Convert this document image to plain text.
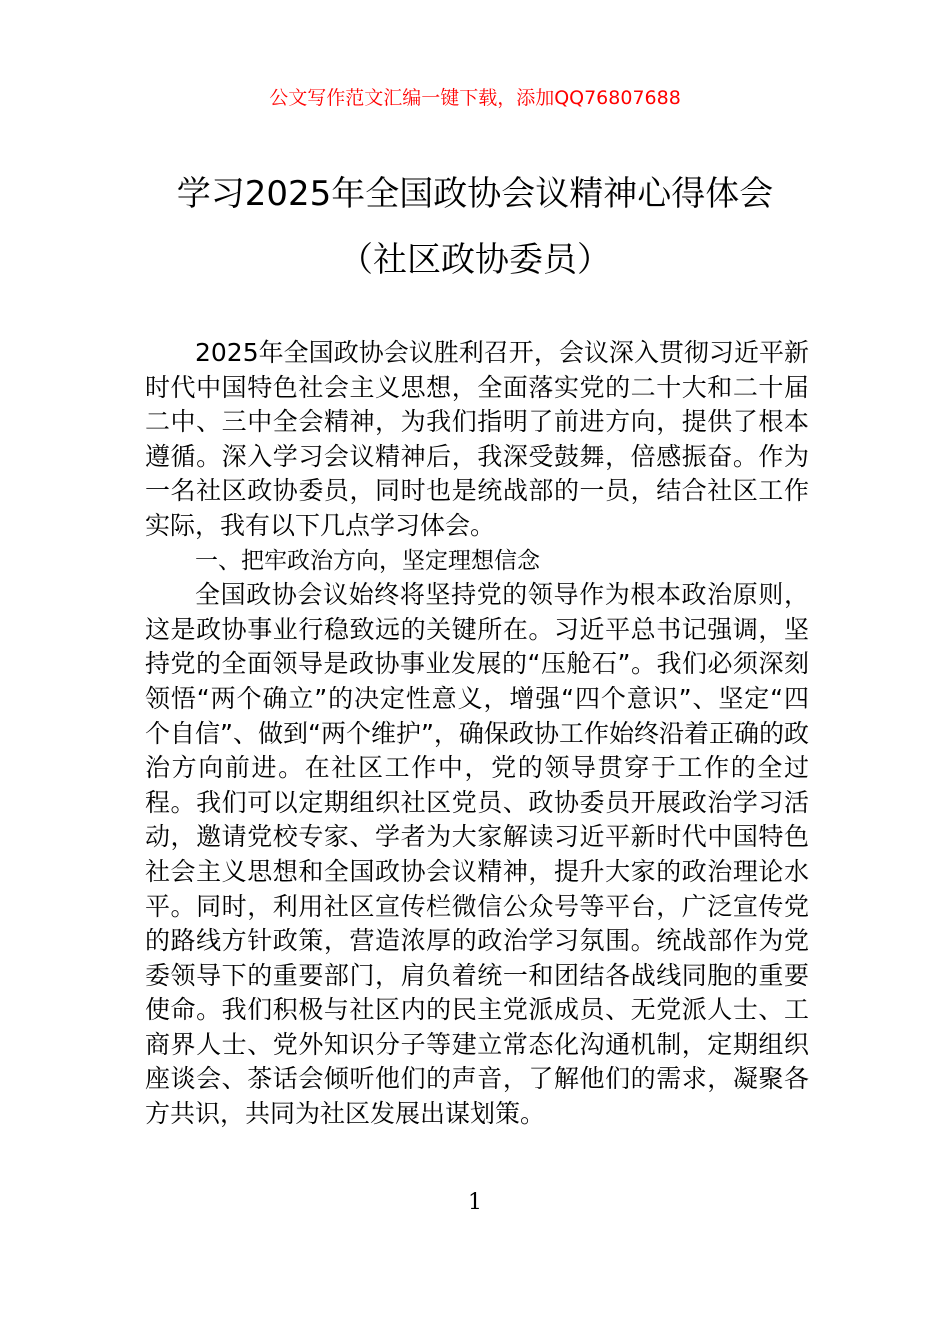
公文写作范文汇编一键下载，添加QQ76807688
学习2025年全国政协会议精神心得体会
（社区政协委员）

2025年全国政协会议胜利召开，会议深入贯彻习近平新时代中国特色社会主义思想，全面落实党的二十大和二十届二中、三中全会精神，为我们指明了前进方向，提供了根本遵循。深入学习会议精神后，我深受鼓舞，倍感振奋。作为一名社区政协委员，同时也是统战部的一员，结合社区工作实际，我有以下几点学习体会。

一、把牢政治方向，坚定理想信念

全国政协会议始终将坚持党的领导作为根本政治原则，这是政协事业行稳致远的关键所在。习近平总书记强调，坚持党的全面领导是政协事业发展的“压舱石”。我们必须深刻领悟“两个确立”的决定性意义，增强“四个意识”、坚定“四个自信”、做到“两个维护”，确保政协工作始终沿着正确的政治方向前进。在社区工作中，党的领导贯穿于工作的全过程。我们可以定期组织社区党员、政协委员开展政治学习活动，邀请党校专家、学者为大家解读习近平新时代中国特色社会主义思想和全国政协会议精神，提升大家的政治理论水平。同时，利用社区宣传栏微信公众号等平台，广泛宣传党的路线方针政策，营造浓厚的政治学习氛围。统战部作为党委领导下的重要部门，肩负着统一和团结各战线同胞的重要使命。我们积极与社区内的民主党派成员、无党派人士、工商界人士、党外知识分子等建立常态化沟通机制，定期组织座谈会、茶话会倾听他们的声音，了解他们的需求，凝聚各方共识，共同为社区发展出谋划策。

1
